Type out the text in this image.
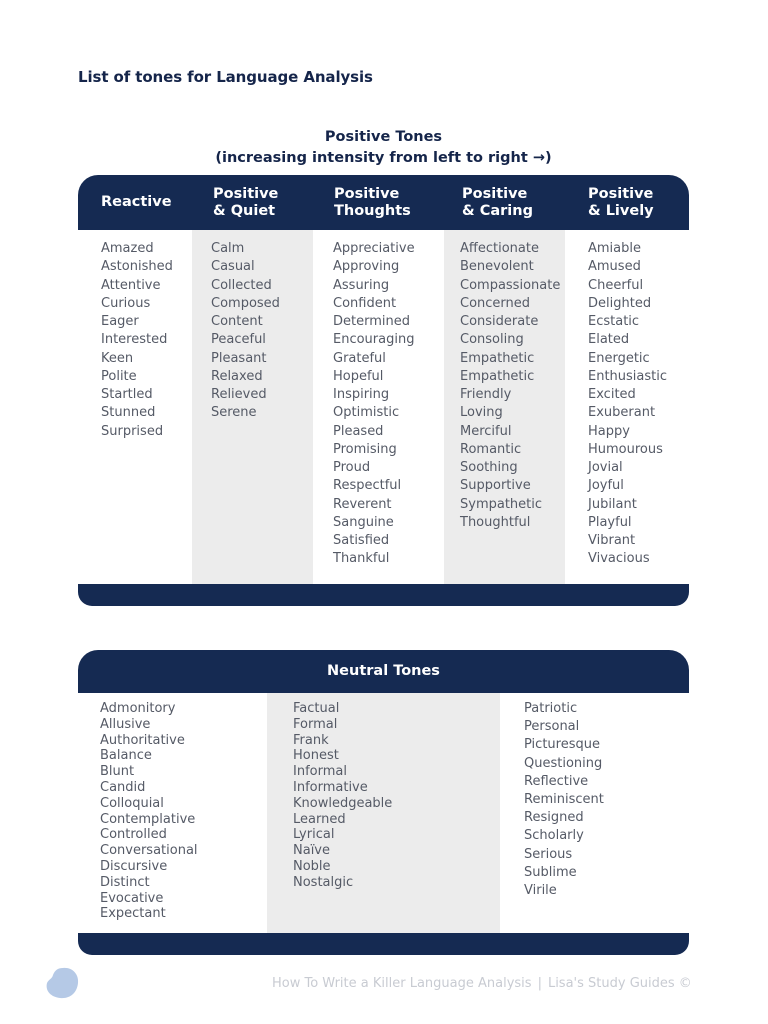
List of tones for Language Analysis
Positive Tones
(increasing intensity from left to right →)
Reactive	Positive
& Quiet
Positive
Thoughts
Positive
& Caring
Positive
& Lively
Amazed
Astonished
Attentive
Curious
Eager
Interested
Keen
Polite
Startled
Stunned
Surprised
Calm
Casual
Collected
Composed
Content
Peaceful
Pleasant
Relaxed
Relieved
Serene
Appreciative
Approving
Assuring
Confident
Determined
Encouraging
Grateful
Hopeful
Inspiring
Optimistic
Pleased
Promising
Proud
Respectful
Reverent
Sanguine
Satisfied
Thankful
Affectionate
Benevolent
Compassionate
Concerned
Considerate
Consoling
Empathetic
Empathetic
Friendly
Loving
Merciful
Romantic
Soothing
Supportive
Sympathetic
Thoughtful
Amiable
Amused
Cheerful
Delighted
Ecstatic
Elated
Energetic
Enthusiastic
Excited
Exuberant
Happy
Humourous
Jovial
Joyful
Jubilant
Playful
Vibrant
Vivacious
Neutral Tones
Admonitory
Allusive
Authoritative
Balance
Blunt
Candid
Colloquial
Contemplative
Controlled
Conversational
Discursive
Distinct
Evocative
Expectant
Factual
Formal
Frank
Honest
Informal
Informative
Knowledgeable
Learned
Lyrical
Naïve
Noble
Nostalgic
Patriotic
Personal
Picturesque
Questioning
Reflective
Reminiscent
Resigned
Scholarly
Serious
Sublime
Virile
How To Write a Killer Language Analysis | Lisa's Study Guides ©
